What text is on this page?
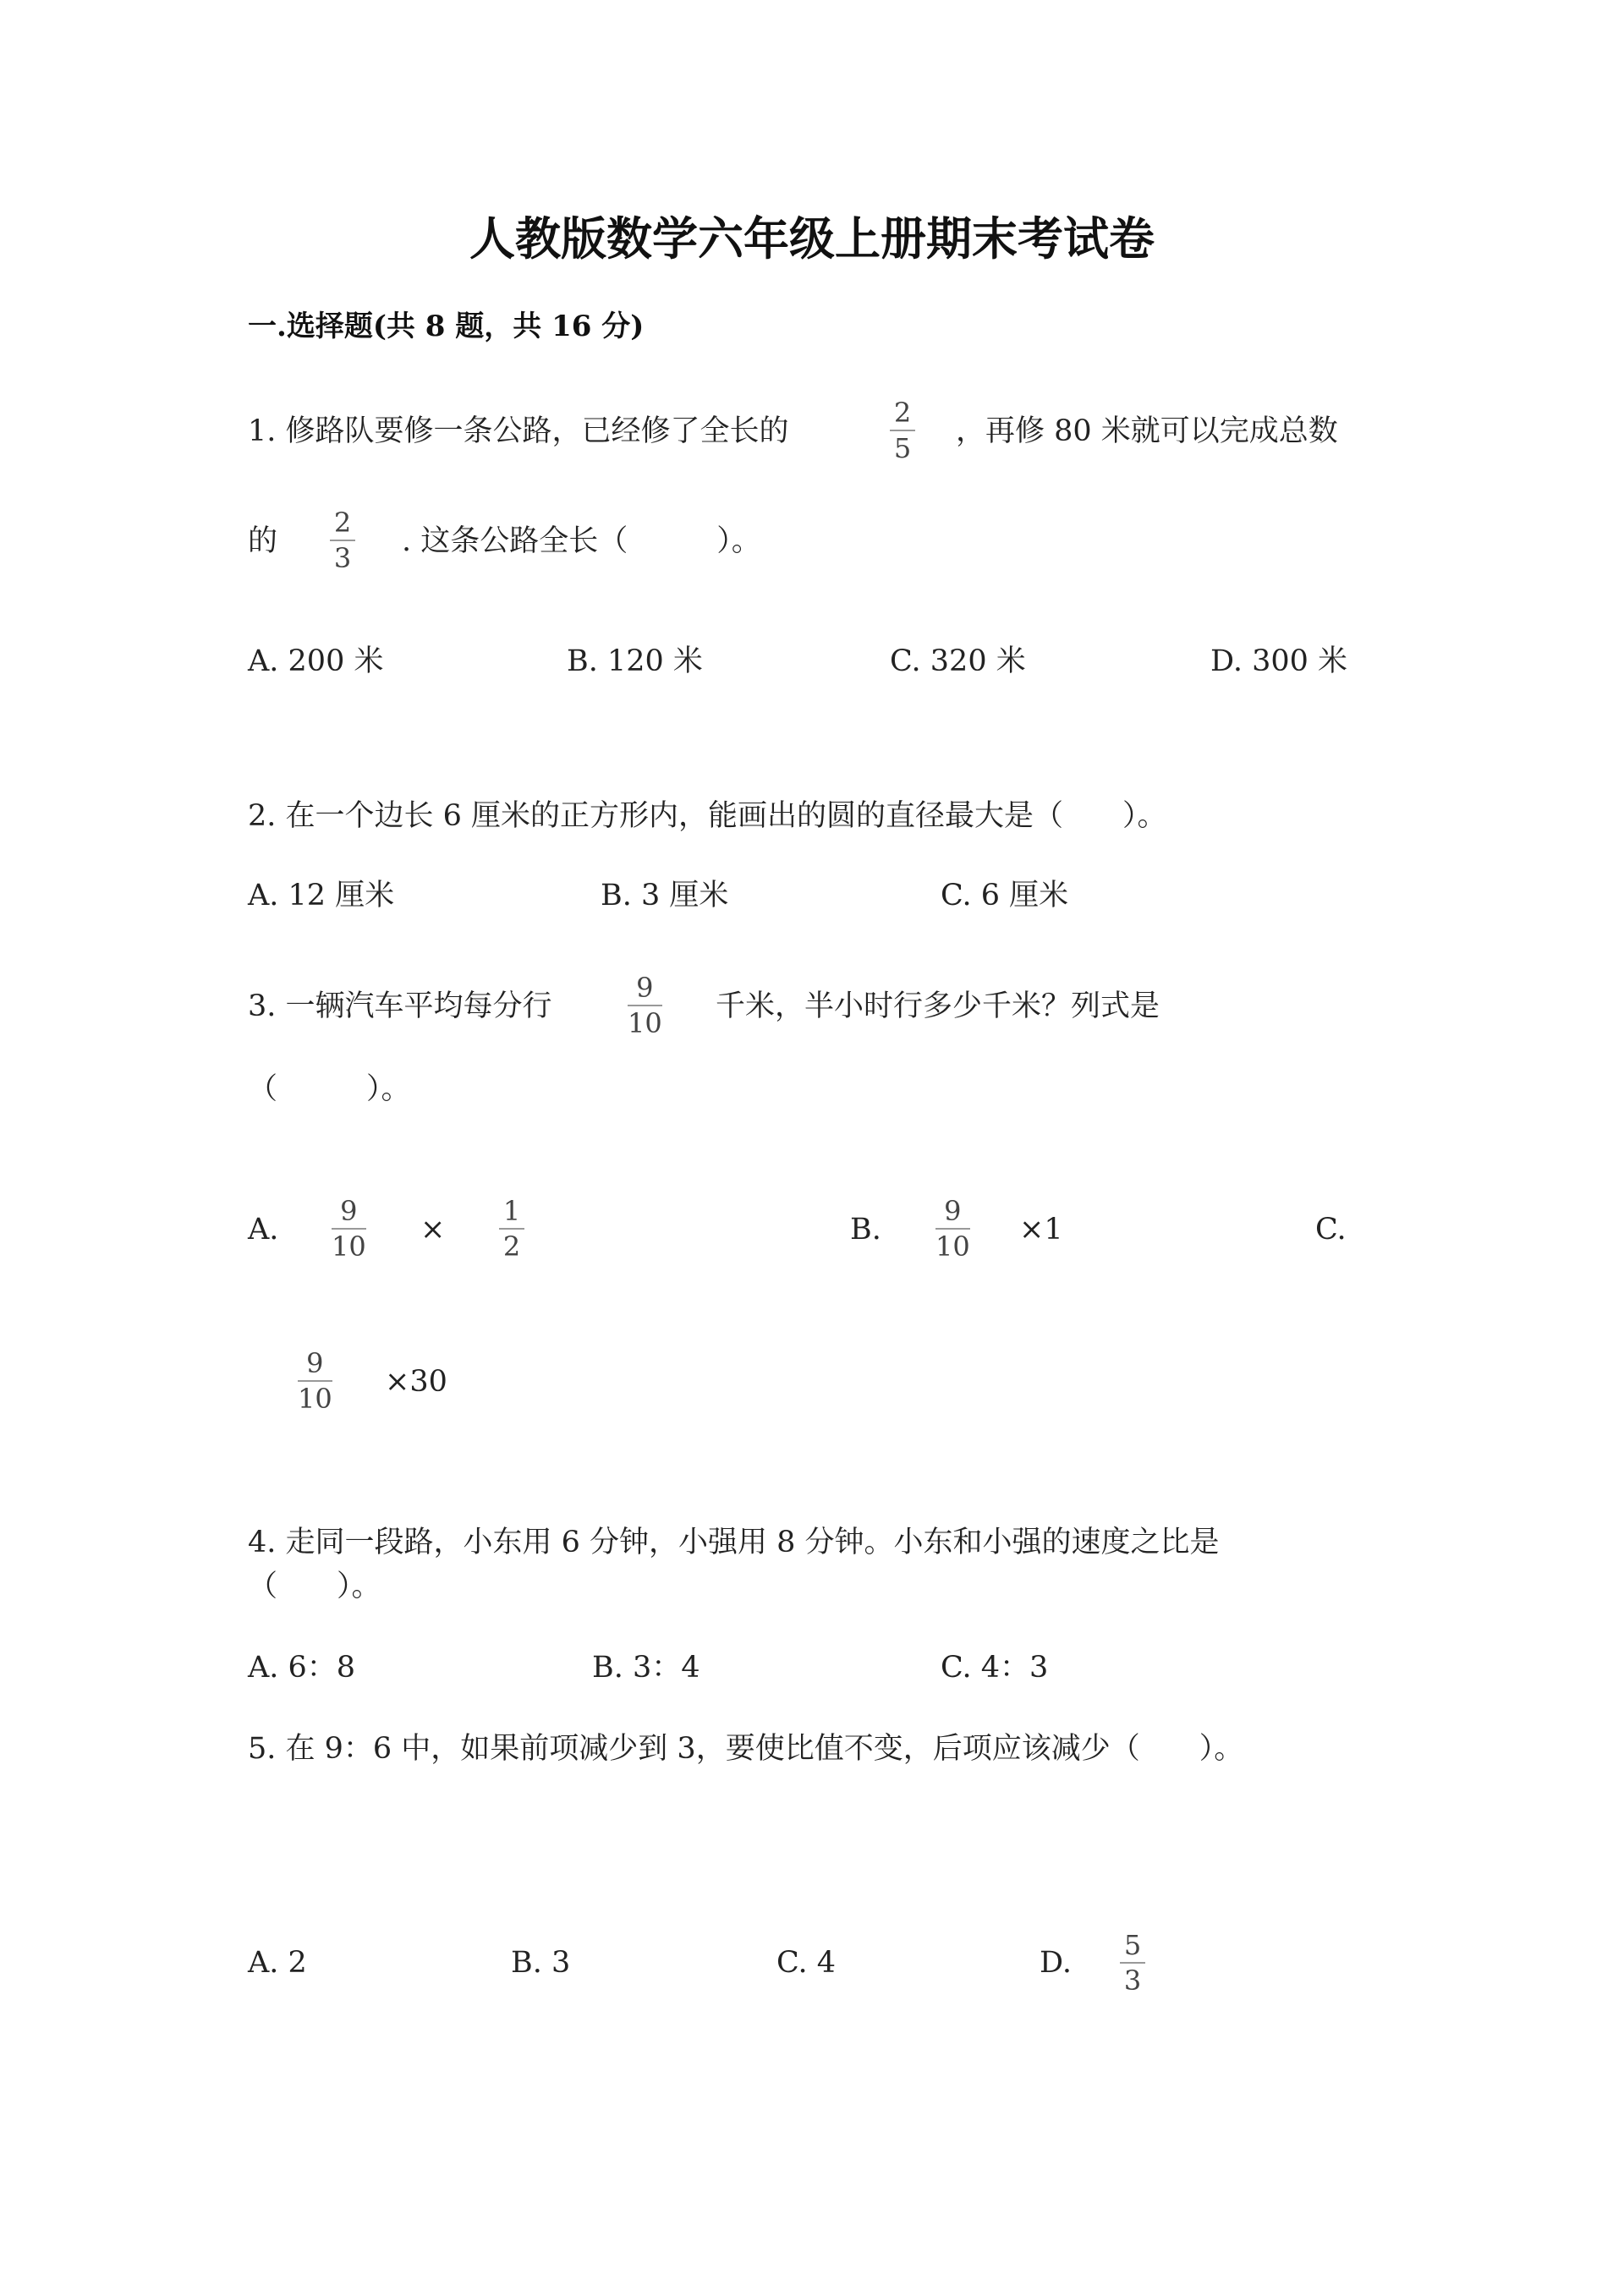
人教版数学六年级上册期末考试卷
一.选择题(共 8 题，共 16 分)
1. 修路队要修一条公路，已经修了全长的
2
5 ，再修 80 米就可以完成总数
的
2
3 . 这条公路全长（　　　）。
A. 200 米	B. 120 米	C. 320 米	D. 300 米
2. 在一个边长 6 厘米的正方形内，能画出的圆的直径最大是（　　）。
A. 12 厘米	B. 3 厘米	C. 6 厘米
3. 一辆汽车平均每分行
9
10 千米，半小时行多少千米？列式是
（　　　）。
A.
9
10 ×
1
2	B.
9
10 ×1	C.
9
10 ×30
4. 走同一段路，小东用 6 分钟，小强用 8 分钟。小东和小强的速度之比是
（　　）。
A. 6：8	B. 3：4	C. 4：3
5. 在 9：6 中，如果前项减少到 3，要使比值不变，后项应该减少（　　）。
A. 2	B. 3	C. 4	D.
5
3
